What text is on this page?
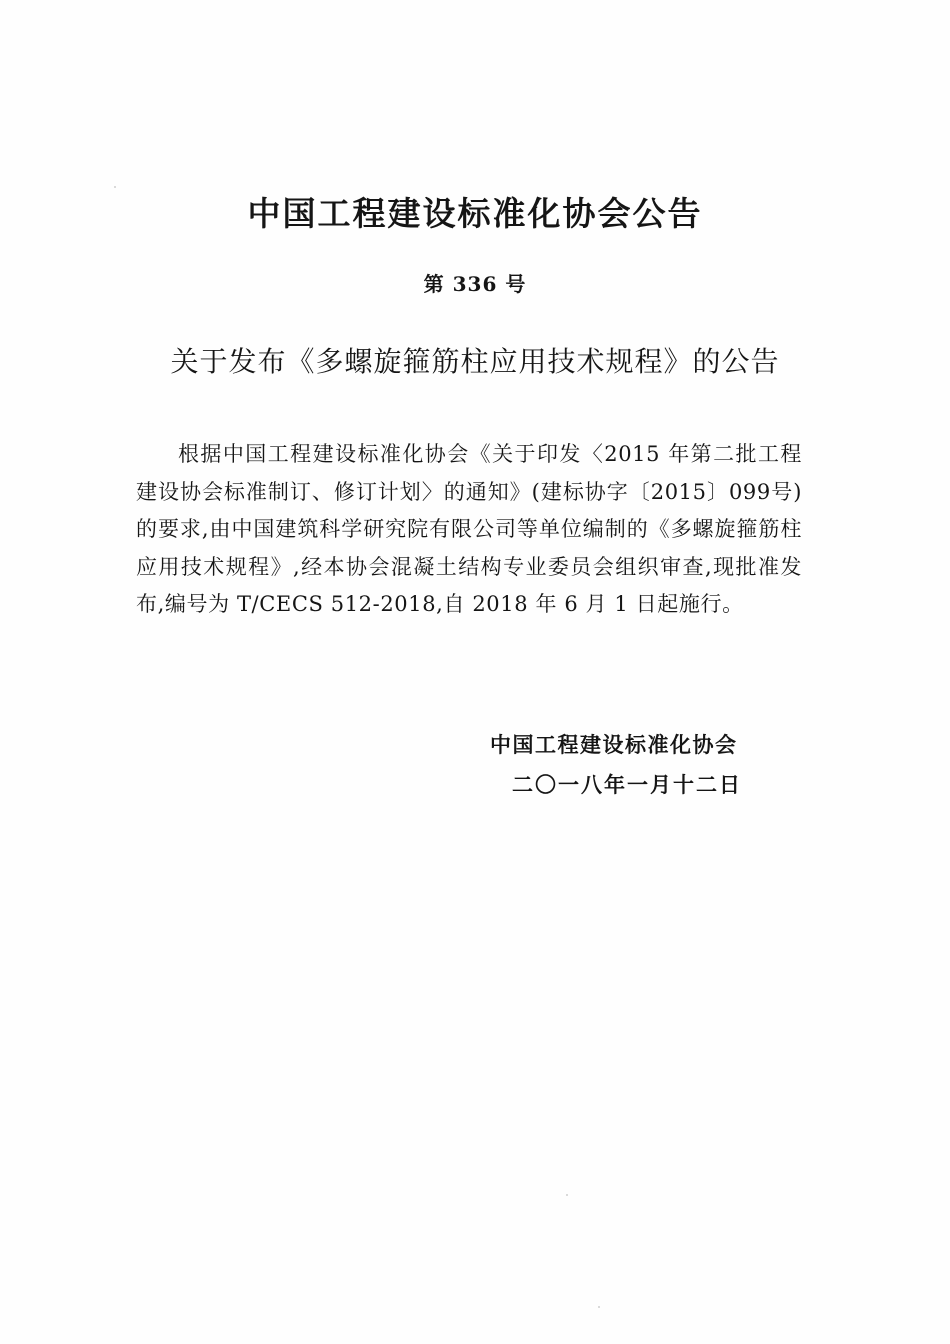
中国工程建设标准化协会公告
第 336 号
关于发布《多螺旋箍筋柱应用技术规程》的公告

根据中国工程建设标准化协会《关于印发〈2015 年第二批工程建设协会标准制订、修订计划〉的通知》(建标协字〔2015〕099号)的要求,由中国建筑科学研究院有限公司等单位编制的《多螺旋箍筋柱应用技术规程》,经本协会混凝土结构专业委员会组织审查,现批准发布,编号为 T/CECS 512-2018,自 2018 年 6 月 1 日起施行。

中国工程建设标准化协会
二〇一八年一月十二日
